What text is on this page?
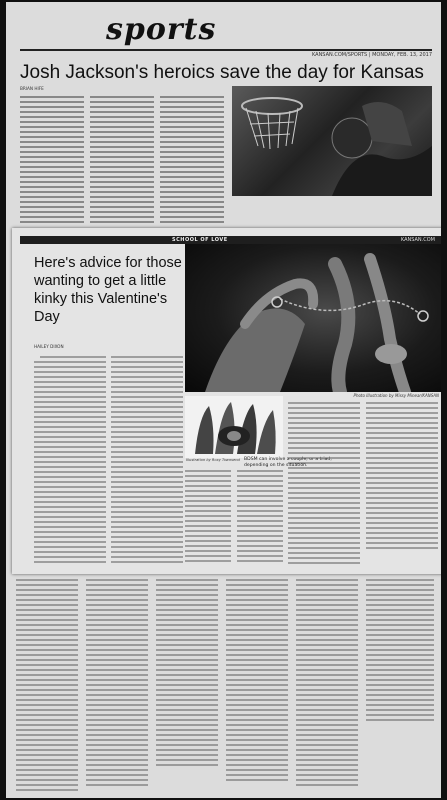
sports
KANSAN.COM/SPORTS | MONDAY, FEB. 13, 2017
Josh Jackson's heroics save the day for Kansas
BRIAN HIFE
SCHOOL OF LOVE	KANSAN.COM
Here's advice for those wanting to get a little kinky this Valentine's Day
HAILEY DIXON
Photo Illustration by Missy Minear/KANSAN
Illustration by Roxy Townsend BDSM can involve a couple, or a triad, depending on the situation.
